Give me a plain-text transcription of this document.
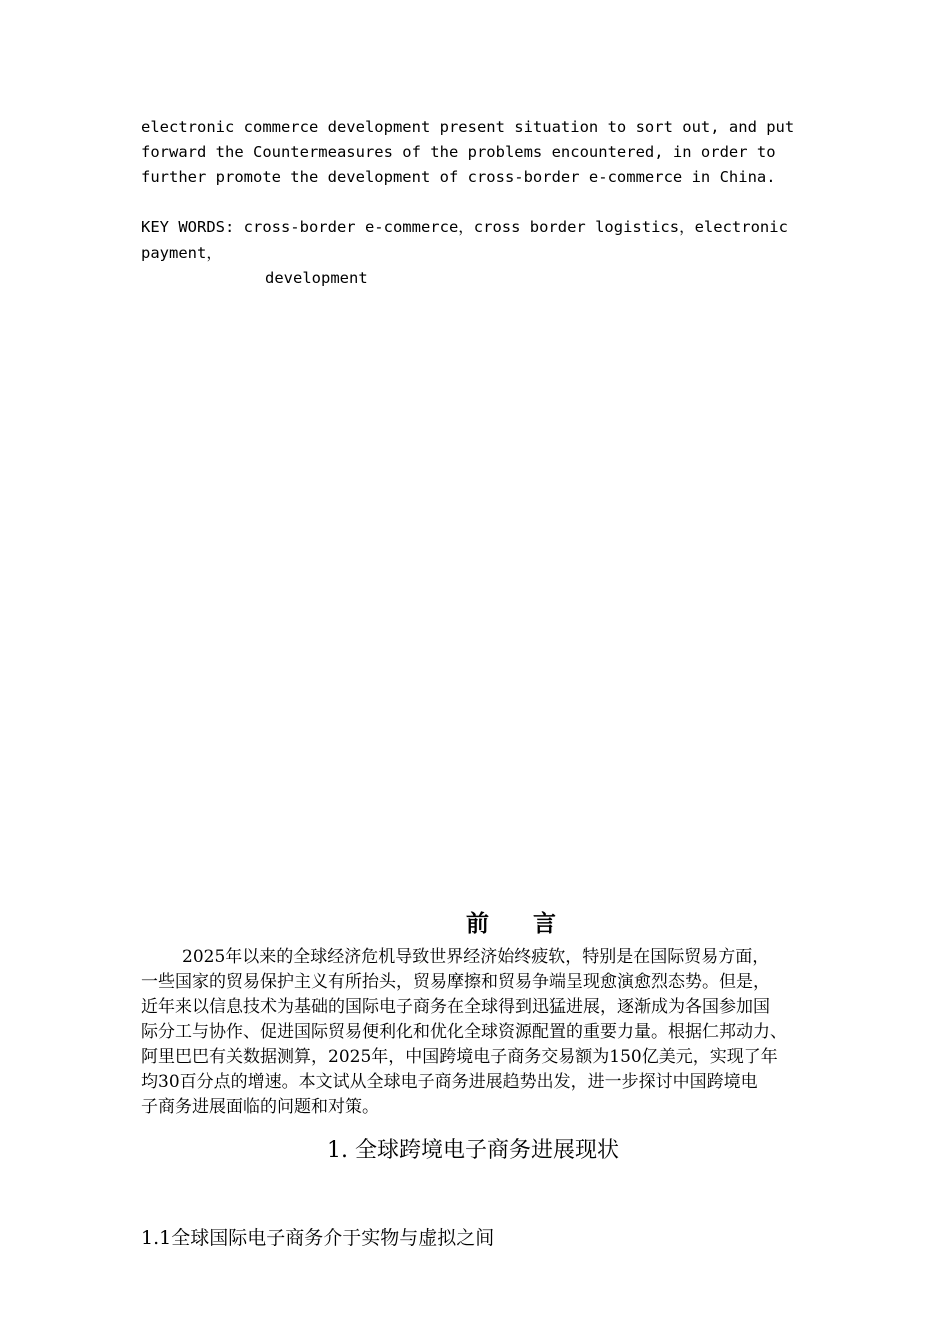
electronic commerce development present situation to sort out, and put
forward the Countermeasures of the problems encountered, in order to
further promote the development of cross-border e-commerce in China.
KEY WORDS: cross-border e-commerce，cross border logistics，electronic
payment，
development
前 言
2025年以来的全球经济危机导致世界经济始终疲软，特别是在国际贸易方面，
一些国家的贸易保护主义有所抬头，贸易摩擦和贸易争端呈现愈演愈烈态势。但是，
近年来以信息技术为基础的国际电子商务在全球得到迅猛进展，逐渐成为各国参加国
际分工与协作、促进国际贸易便利化和优化全球资源配置的重要力量。根据仁邦动力、
阿里巴巴有关数据测算，2025年，中国跨境电子商务交易额为150亿美元，实现了年
均30百分点的增速。本文试从全球电子商务进展趋势出发，进一步探讨中国跨境电
子商务进展面临的问题和对策。
1. 全球跨境电子商务进展现状
1.1全球国际电子商务介于实物与虚拟之间
